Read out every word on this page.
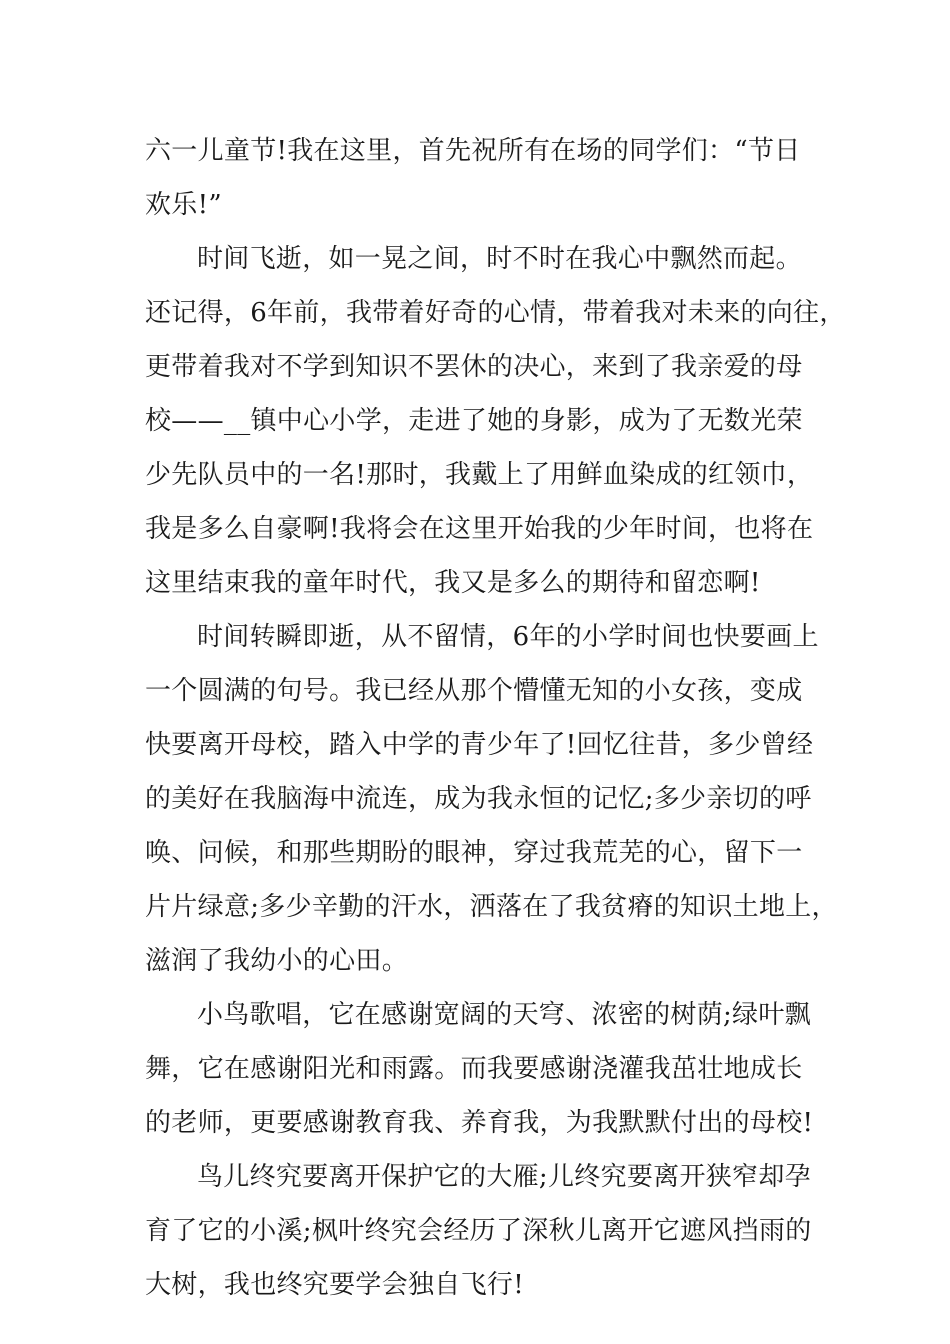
六一儿童节!我在这里，首先祝所有在场的同学们：“节日
欢乐!”
时间飞逝，如一晃之间，时不时在我心中飘然而起。
还记得，6年前，我带着好奇的心情，带着我对未来的向往，
更带着我对不学到知识不罢休的决心，来到了我亲爱的母
校——__镇中心小学，走进了她的身影，成为了无数光荣
少先队员中的一名!那时，我戴上了用鲜血染成的红领巾，
我是多么自豪啊!我将会在这里开始我的少年时间，也将在
这里结束我的童年时代，我又是多么的期待和留恋啊!
时间转瞬即逝，从不留情，6年的小学时间也快要画上
一个圆满的句号。我已经从那个懵懂无知的小女孩，变成
快要离开母校，踏入中学的青少年了!回忆往昔，多少曾经
的美好在我脑海中流连，成为我永恒的记忆;多少亲切的呼
唤、问候，和那些期盼的眼神，穿过我荒芜的心，留下一
片片绿意;多少辛勤的汗水，洒落在了我贫瘠的知识土地上，
滋润了我幼小的心田。
小鸟歌唱，它在感谢宽阔的天穹、浓密的树荫;绿叶飘
舞，它在感谢阳光和雨露。而我要感谢浇灌我茁壮地成长
的老师，更要感谢教育我、养育我，为我默默付出的母校!
鸟儿终究要离开保护它的大雁;儿终究要离开狭窄却孕
育了它的小溪;枫叶终究会经历了深秋儿离开它遮风挡雨的
大树，我也终究要学会独自飞行!
